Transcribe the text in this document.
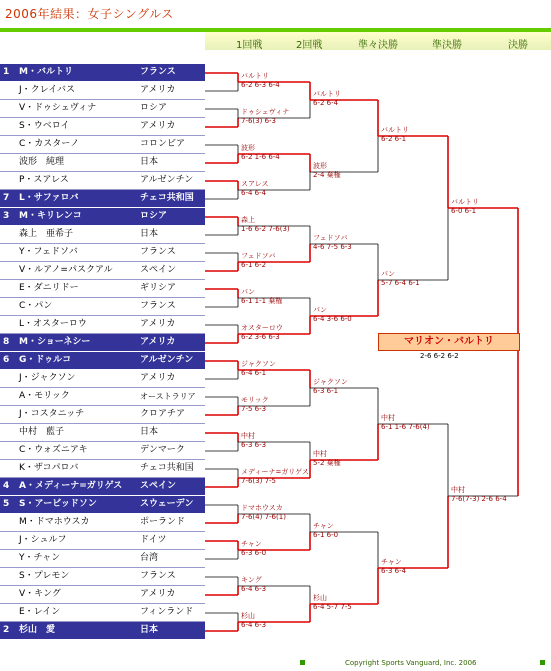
2006年結果：女子シングルス
1回戦	2回戦	準々決勝	準決勝	決勝
1 M・バルトリ	フランス
J・クレイバス	アメリカ
V・ドゥシェヴィナ	ロシア
S・ウベロイ	アメリカ
C・カスターノ	コロンビア
波形　純理	日本
P・スアレス	アルゼンチン
7 L・サファロバ	チェコ共和国
3 M・キリレンコ	ロシア
森上　亜希子	日本
Y・フェドソバ	フランス
V・ルアノ=パスクアル	スペイン
E・ダニリドー	ギリシア
C・パン	フランス
L・オスターロウ	アメリカ
8 M・ショーネシー	アメリカ
6 G・ドゥルコ	アルゼンチン
J・ジャクソン	アメリカ
A・モリック	オーストラリア
J・コスタニッチ	クロアチア
中村　藍子	日本
C・ウォズニアキ	デンマーク
K・ザコパロバ	チェコ共和国
4 A・メディーナ=ガリゲス スペイン
5 S・アービッドソン	スウェーデン
M・ドマホウスカ	ポーランド
J・シュルフ	ドイツ
Y・チャン	台湾
S・プレモン	フランス
V・キング	アメリカ
E・レイン	フィンランド
2 杉山　愛	日本
バルトリ
6-2 6-3 6-4
ドゥシェヴィナ
7-6(3) 6-3
波形
6-2 1-6 6-4
スアレス
6-4 6-4
森上
1-6 6-2 7-6(3)
フェドソバ
6-1 6-2
パン
6-1 1-1 棄権
オスターロウ
6-2 3-6 6-3
ジャクソン
6-4 6-1
モリック
7-5 6-3
中村
6-3 6-3
メディーナ=ガリゲス
7-6(3) 7-5
ドマホウスカ
7-6(4) 7-6(1)
チャン
6-3 6-0
キング
6-4 6-3
杉山
6-4 6-3
バルトリ
6-2 6-4
波形
2-4 棄権
フェドソバ
4-6 7-5 6-3
パン
6-4 3-6 6-0
ジャクソン
6-3 6-1
中村
5-2 棄権
チャン
6-1 6-0
杉山
6-4 5-7 7-5
バルトリ
6-2 6-1
パン
5-7 6-4 6-1
中村
6-1 1-6 7-6(4)
チャン
6-3 6-4
バルトリ
6-0 6-1
中村
7-6(7-3) 2-6 6-4
マリオン・バルトリ
2-6 6-2 6-2
Copyright Sports Vanguard, Inc. 2006
